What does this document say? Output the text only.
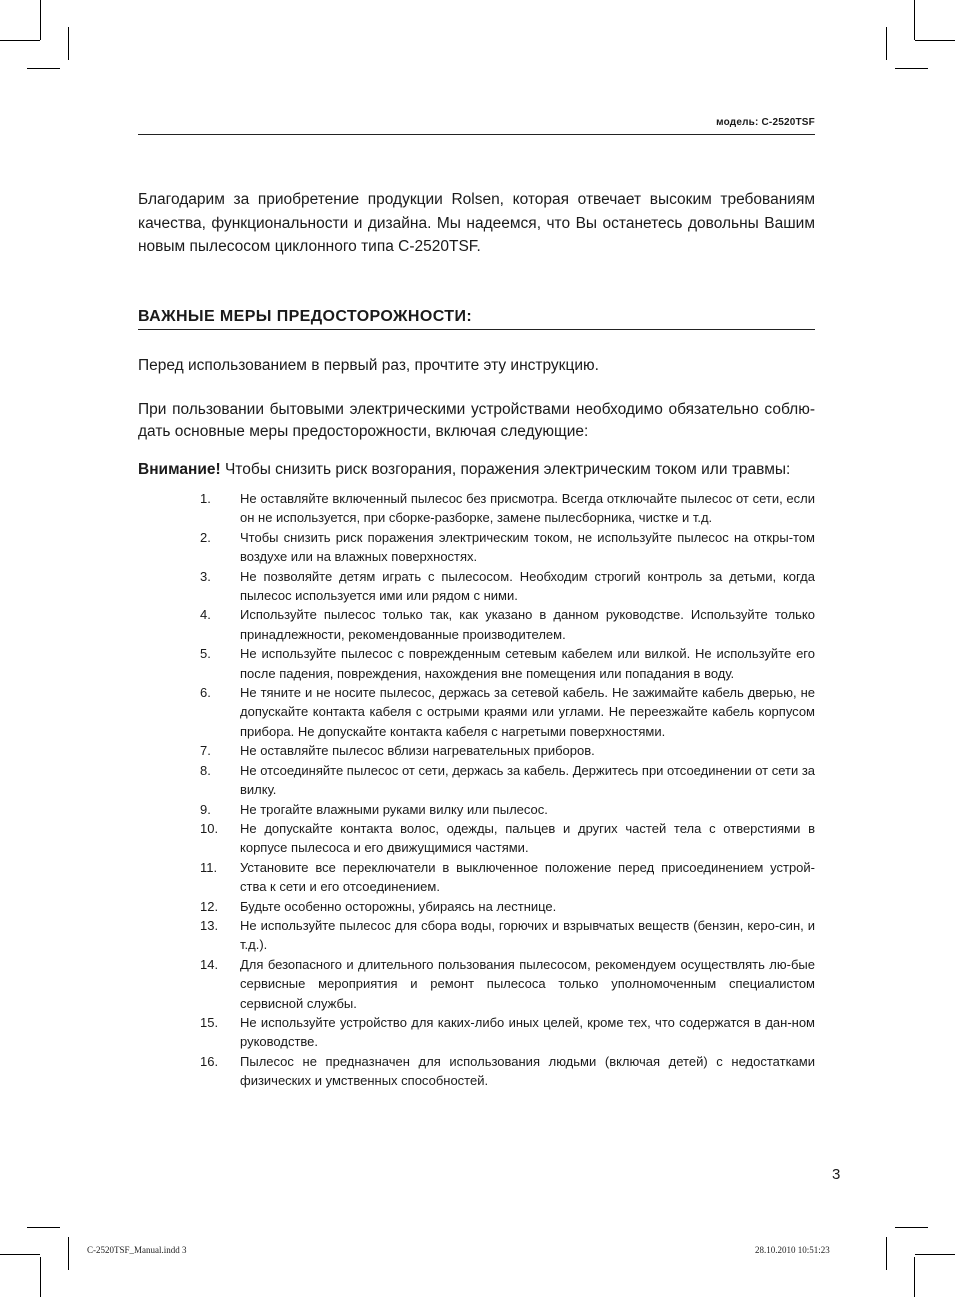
модель: C-2520TSF

Благодарим за приобретение продукции Rolsen, которая отвечает высоким требованиям качества, функциональности и дизайна. Мы надеемся, что Вы останетесь довольны Вашим новым пылесосом циклонного типа С-2520TSF.

ВАЖНЫЕ МЕРЫ ПРЕДОСТОРОЖНОСТИ:

Перед использованием в первый раз, прочтите эту инструкцию.

При пользовании бытовыми электрическими устройствами необходимо обязательно соблю-дать основные меры предосторожности, включая следующие:

Внимание! Чтобы снизить риск возгорания, поражения электрическим током или травмы:

1.	Не оставляйте включенный пылесос без присмотра. Всегда отключайте пылесос от сети, если он не используется, при сборке-разборке, замене пылесборника, чистке и т.д.
2.	Чтобы снизить риск поражения электрическим током, не используйте пылесос на откры-том воздухе или на влажных поверхностях.
3.	Не позволяйте детям играть с пылесосом. Необходим строгий контроль за детьми, когда пылесос используется ими или рядом с ними.
4.	Используйте пылесос только так, как указано в данном руководстве. Используйте только принадлежности, рекомендованные производителем.
5.	Не используйте пылесос с поврежденным сетевым кабелем или вилкой. Не используйте его после падения, повреждения, нахождения вне помещения или попадания в воду.
6.	Не тяните и не носите пылесос, держась за сетевой кабель. Не зажимайте кабель дверью, не допускайте контакта кабеля с острыми краями или углами. Не переезжайте кабель корпусом прибора. Не допускайте контакта кабеля с нагретыми поверхностями.
7.	Не оставляйте пылесос вблизи нагревательных приборов.
8.	Не отсоединяйте пылесос от сети, держась за кабель. Держитесь при отсоединении от сети за вилку.
9.	Не трогайте влажными руками вилку или пылесос.
10.	Не допускайте контакта волос, одежды, пальцев и других частей тела с отверстиями в корпусе пылесоса и его движущимися частями.
11.	Установите все переключатели в выключенное положение перед присоединением устрой-ства к сети и его отсоединением.
12.	Будьте особенно осторожны, убираясь на лестнице.
13.	Не используйте пылесос для сбора воды, горючих и взрывчатых веществ (бензин, керо-син, и т.д.).
14.	Для безопасного и длительного пользования пылесосом, рекомендуем осуществлять лю-бые сервисные мероприятия и ремонт пылесоса только уполномоченным специалистом сервисной службы.
15.	Не используйте устройство для каких-либо иных целей, кроме тех, что содержатся в дан-ном руководстве.
16.	Пылесос не предназначен для использования людьми (включая детей) с недостатками физических и умственных способностей.
3
C-2520TSF_Manual.indd 3	28.10.2010 10:51:23
